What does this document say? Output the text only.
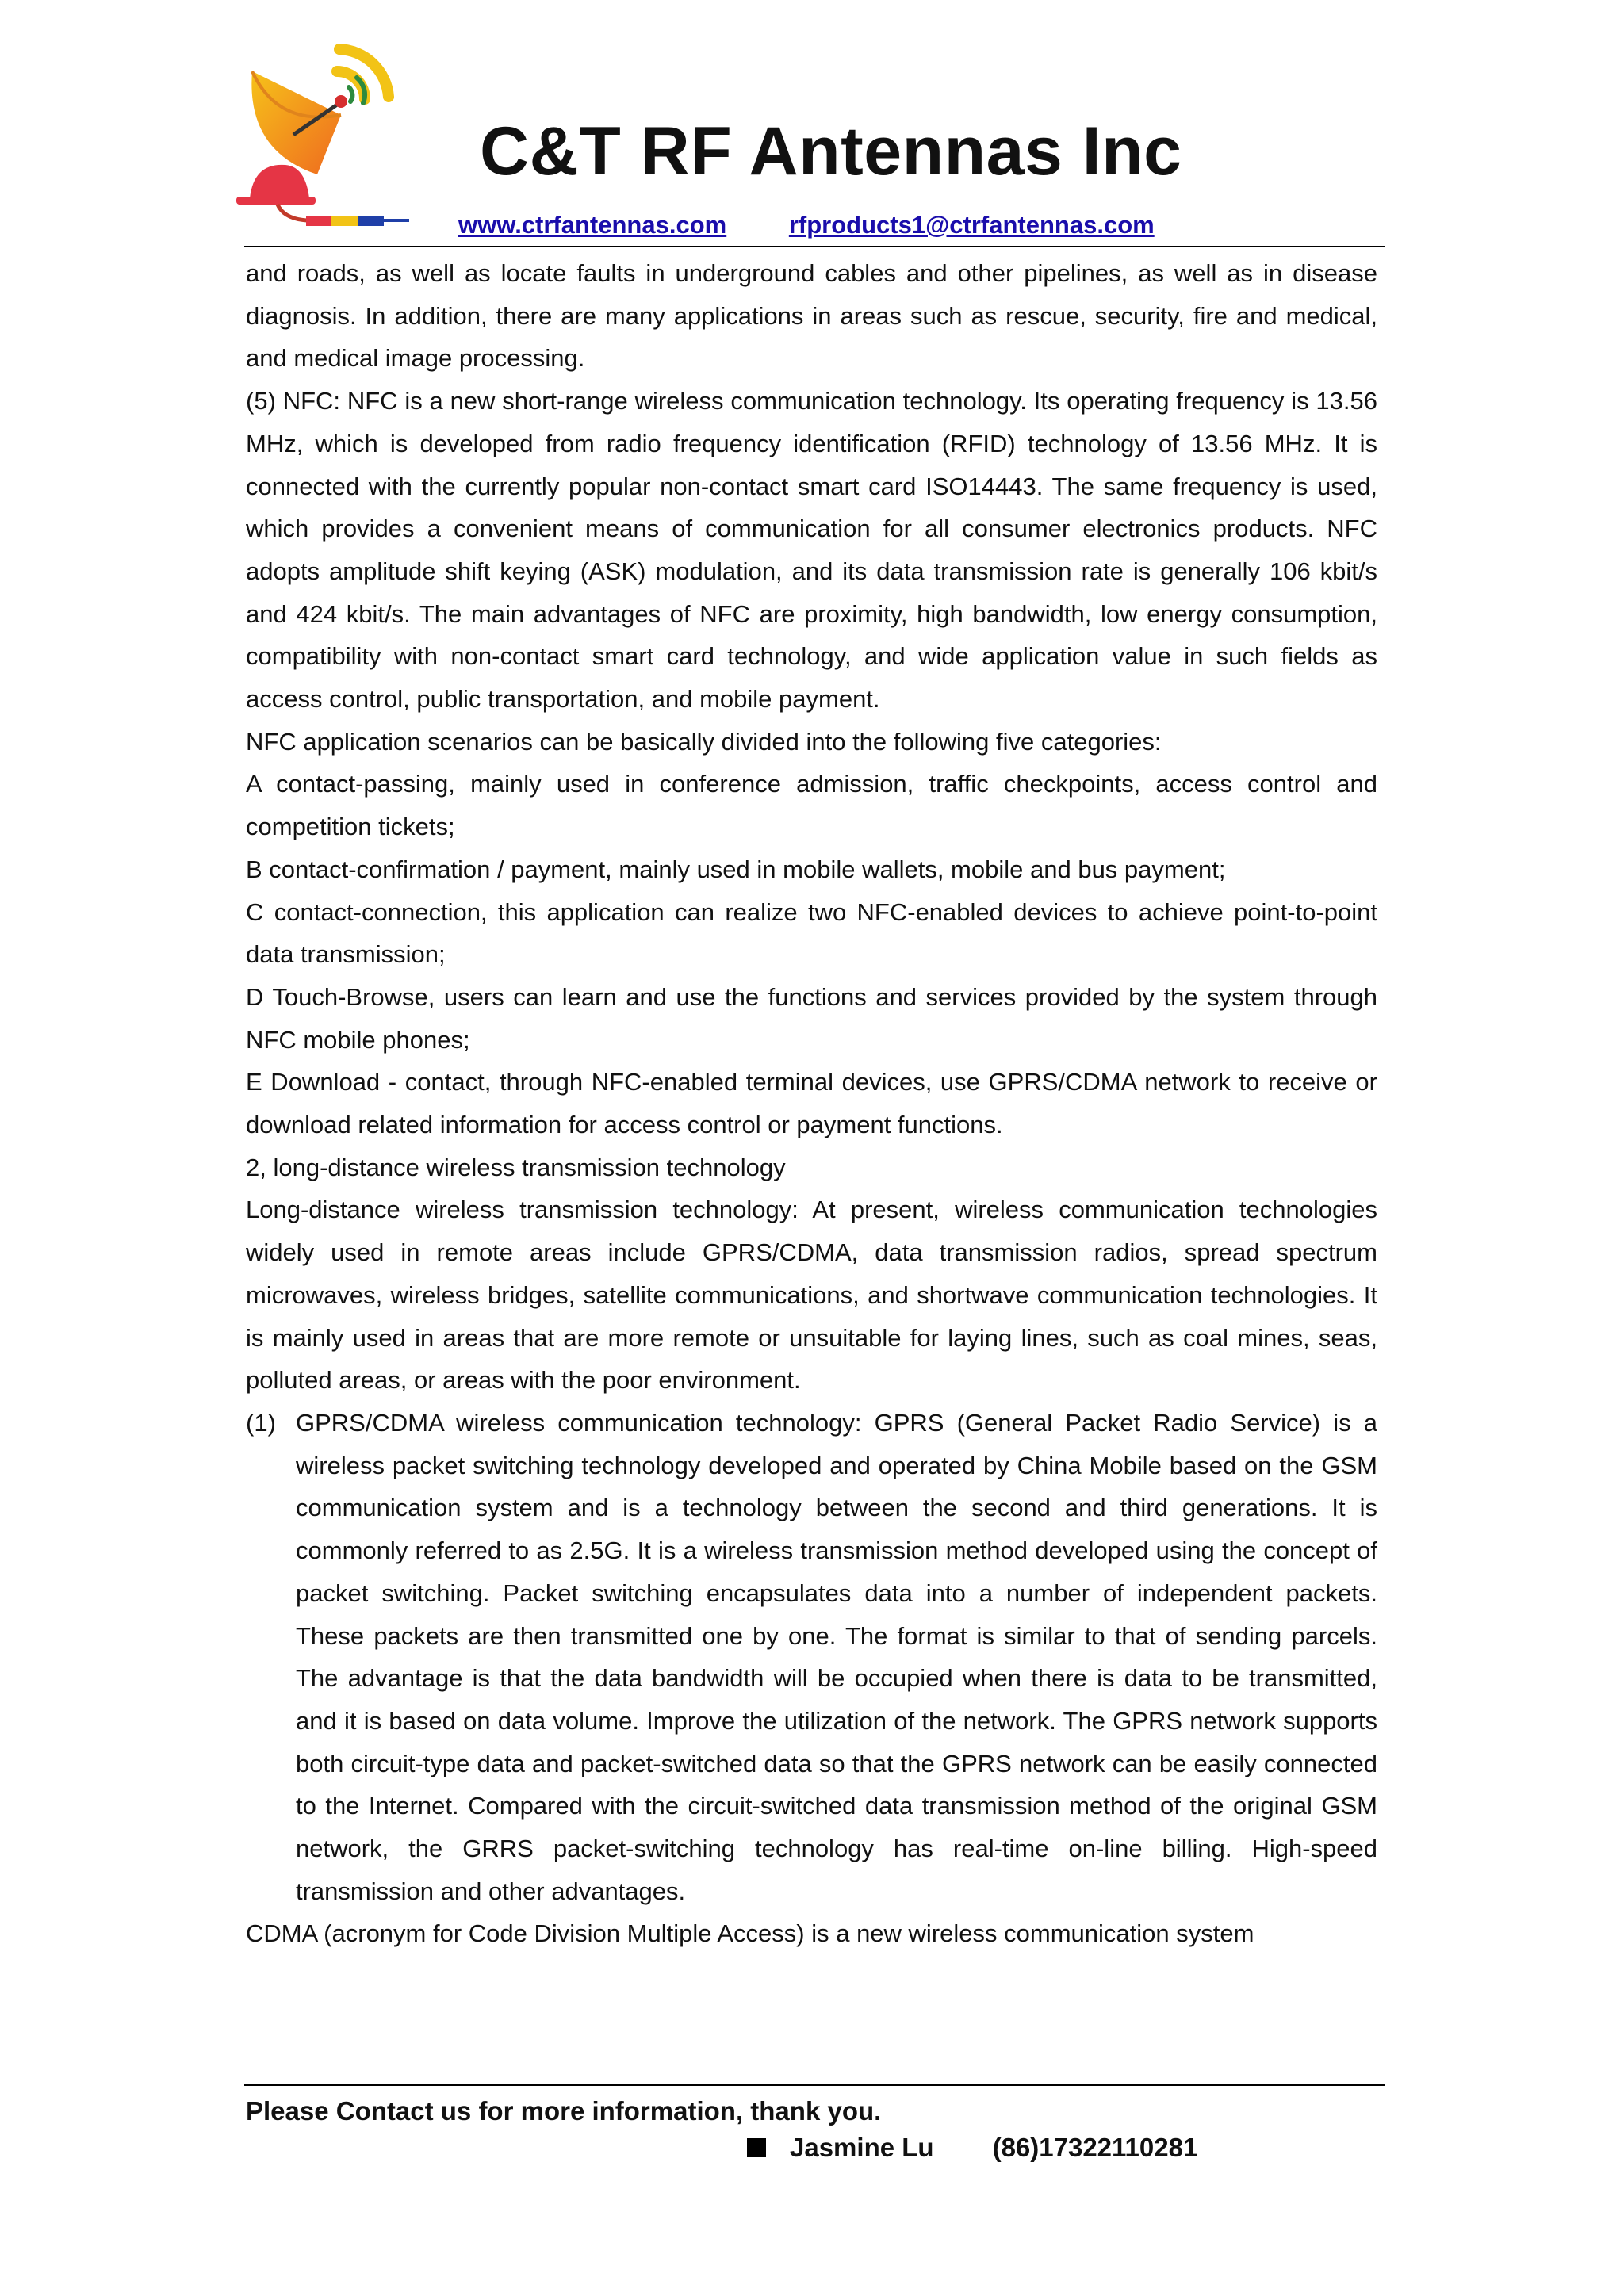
C&T RF Antennas Inc
www.ctrfantennas.com	rfproducts1@ctrfantennas.com

and roads, as well as locate faults in underground cables and other pipelines, as well as in disease diagnosis. In addition, there are many applications in areas such as rescue, security, fire and medical, and medical image processing.

(5) NFC: NFC is a new short-range wireless communication technology. Its operating frequency is 13.56 MHz, which is developed from radio frequency identification (RFID) technology of 13.56 MHz. It is connected with the currently popular non-contact smart card ISO14443. The same frequency is used, which provides a convenient means of communication for all consumer electronics products. NFC adopts amplitude shift keying (ASK) modulation, and its data transmission rate is generally 106 kbit/s and 424 kbit/s. The main advantages of NFC are proximity, high bandwidth, low energy consumption, compatibility with non-contact smart card technology, and wide application value in such fields as access control, public transportation, and mobile payment.

NFC application scenarios can be basically divided into the following five categories:

A contact-passing, mainly used in conference admission, traffic checkpoints, access control and competition tickets;

B contact-confirmation / payment, mainly used in mobile wallets, mobile and bus payment;

C contact-connection, this application can realize two NFC-enabled devices to achieve point-to-point data transmission;

D Touch-Browse, users can learn and use the functions and services provided by the system through NFC mobile phones;

E Download - contact, through NFC-enabled terminal devices, use GPRS/CDMA network to receive or download related information for access control or payment functions.

2, long-distance wireless transmission technology

Long-distance wireless transmission technology: At present, wireless communication technologies widely used in remote areas include GPRS/CDMA, data transmission radios, spread spectrum microwaves, wireless bridges, satellite communications, and shortwave communication technologies. It is mainly used in areas that are more remote or unsuitable for laying lines, such as coal mines, seas, polluted areas, or areas with the poor environment.

(1) GPRS/CDMA wireless communication technology: GPRS (General Packet Radio Service) is a wireless packet switching technology developed and operated by China Mobile based on the GSM communication system and is a technology between the second and third generations. It is commonly referred to as 2.5G. It is a wireless transmission method developed using the concept of packet switching. Packet switching encapsulates data into a number of independent packets. These packets are then transmitted one by one. The format is similar to that of sending parcels. The advantage is that the data bandwidth will be occupied when there is data to be transmitted, and it is based on data volume. Improve the utilization of the network. The GPRS network supports both circuit-type data and packet-switched data so that the GPRS network can be easily connected to the Internet. Compared with the circuit-switched data transmission method of the original GSM network, the GRRS packet-switching technology has real-time on-line billing. High-speed transmission and other advantages.

CDMA (acronym for Code Division Multiple Access) is a new wireless communication system

Please Contact us for more information, thank you.
Jasmine Lu (86)17322110281
